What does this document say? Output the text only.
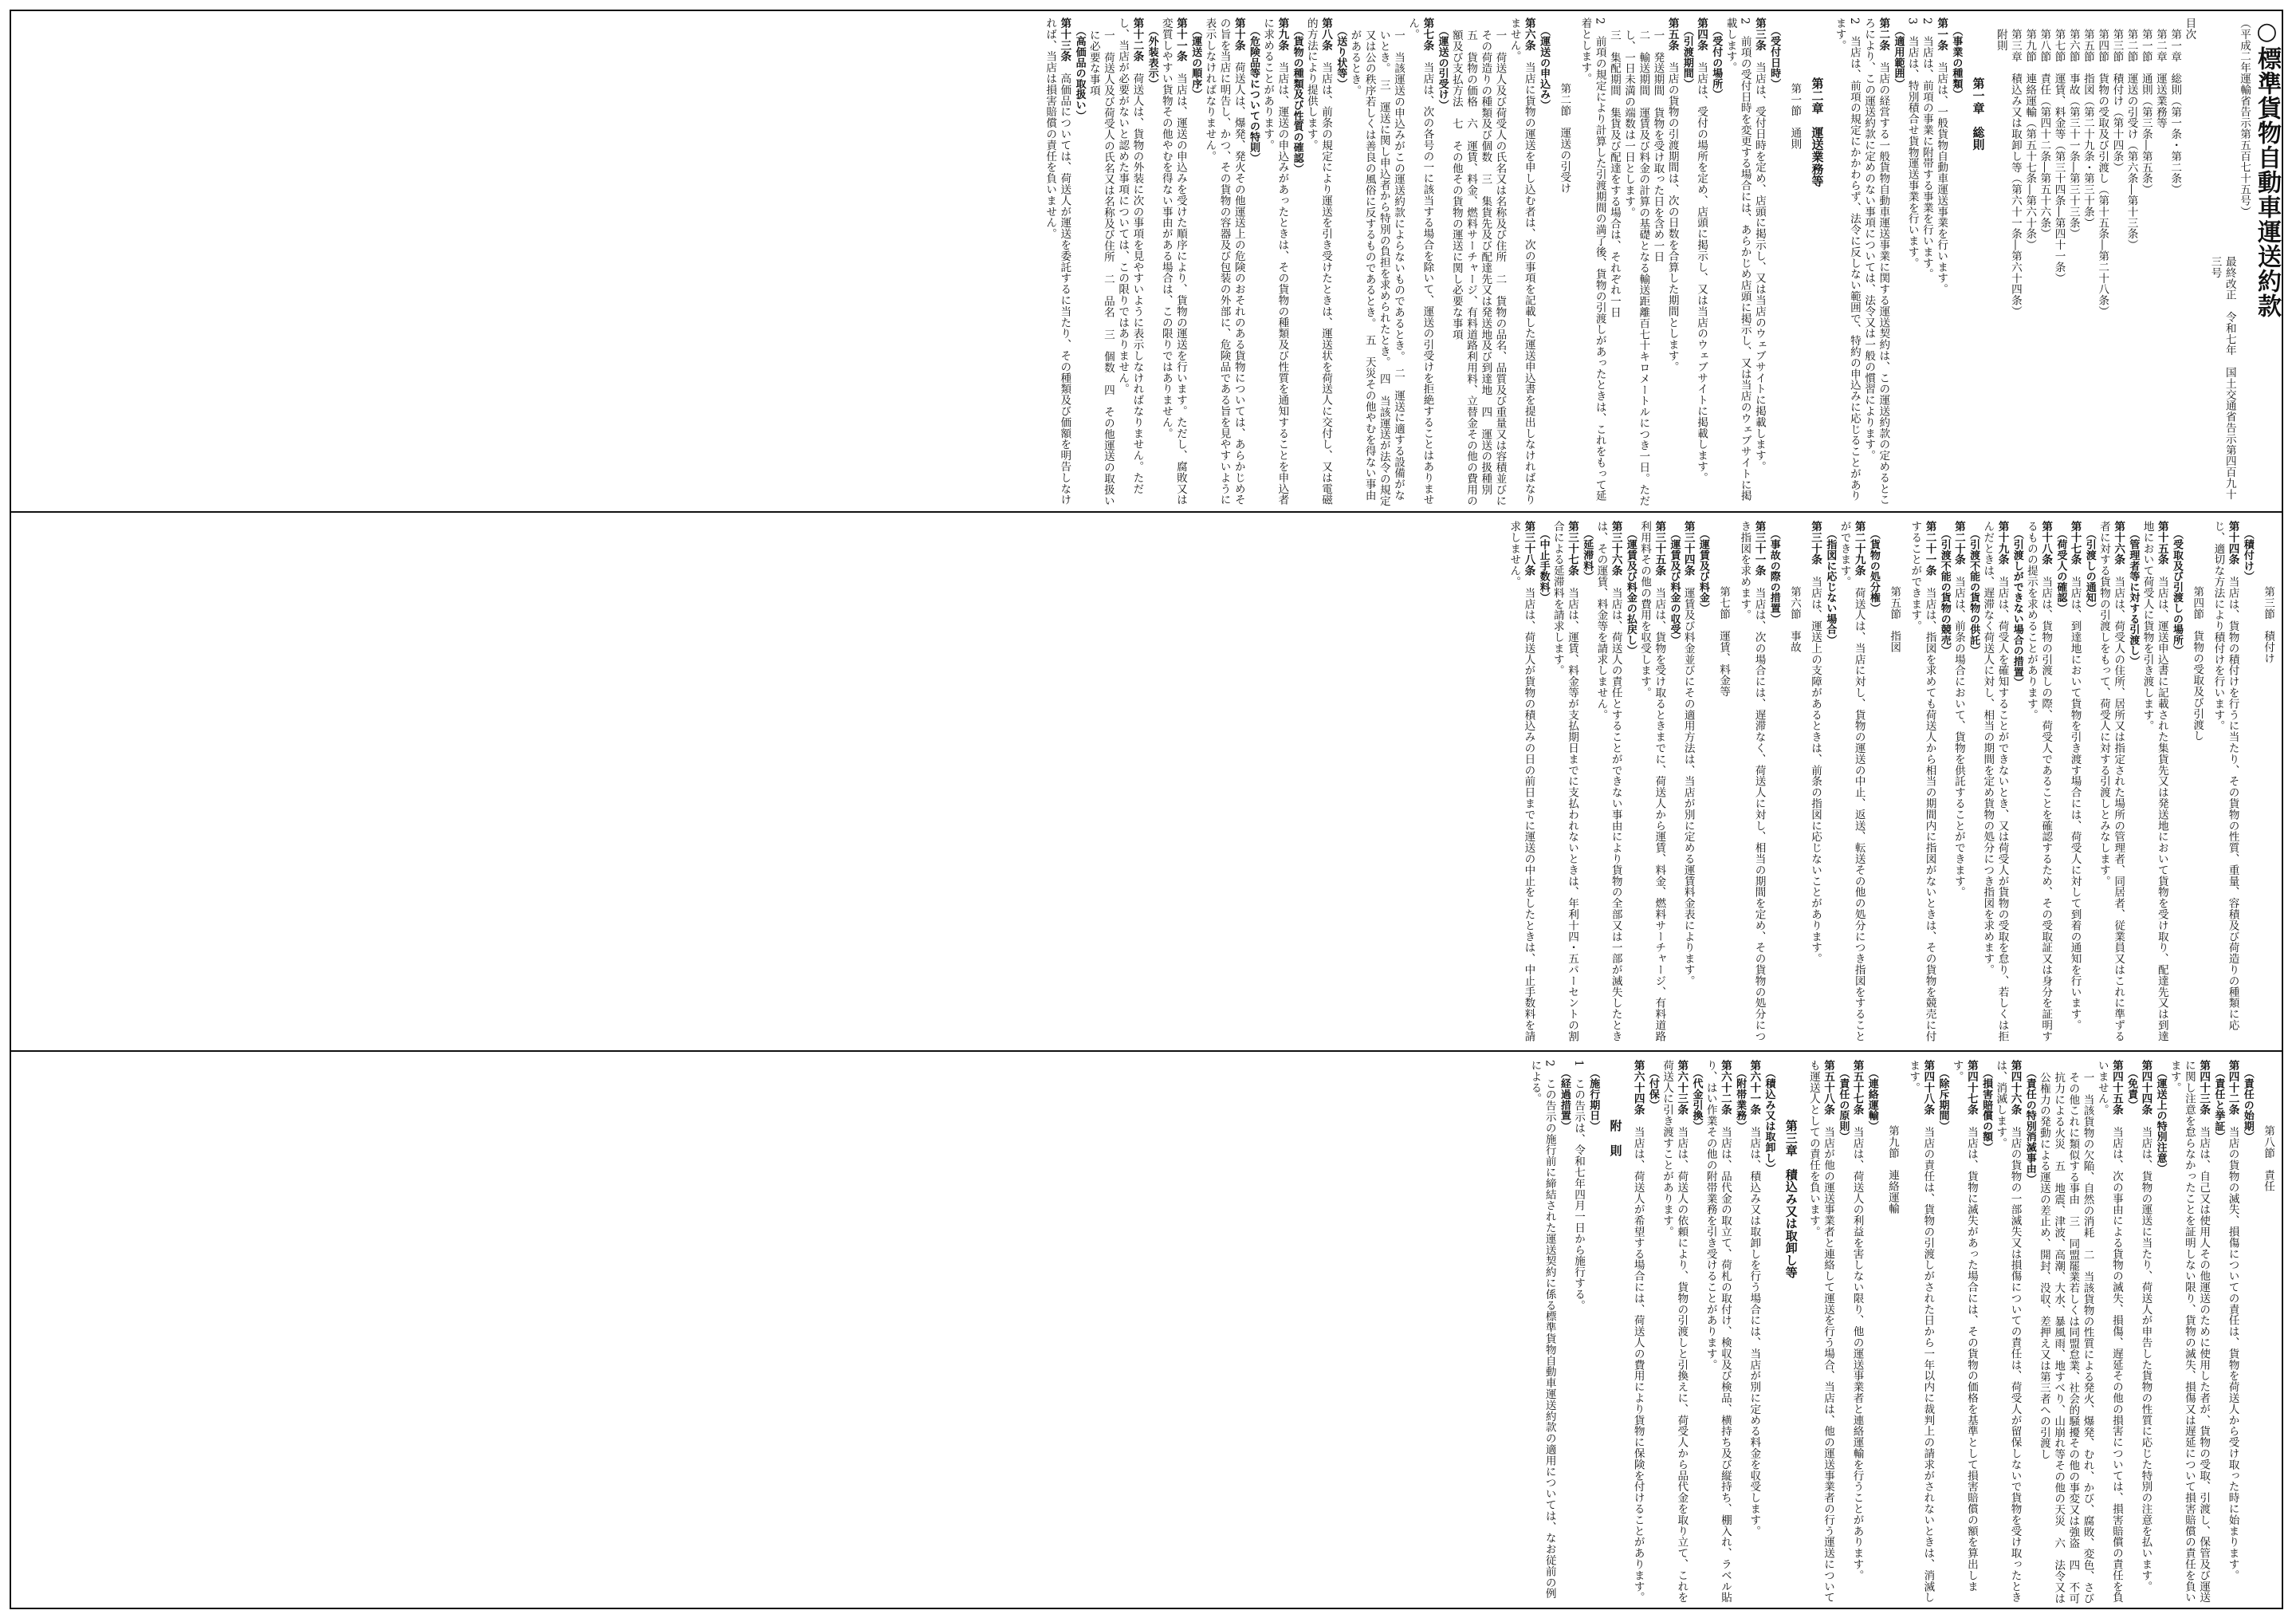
○標準貨物自動車運送約款
（平成二年運輸省告示第五百七十五号）
最終改正　令和七年　国土交通省告示第四百九十三号
目次
第一章　総則（第一条・第二条）
第二章　運送業務等
第一節　通則（第三条―第五条）
第二節　運送の引受け（第六条―第十三条）
第三節　積付け（第十四条）
第四節　貨物の受取及び引渡し（第十五条―第二十八条）
第五節　指図（第二十九条・第三十条）
第六節　事故（第三十一条―第三十三条）
第七節　運賃、料金等（第三十四条―第四十一条）
第八節　責任（第四十二条―第五十六条）
第九節　連絡運輸（第五十七条―第六十条）
第三章　積込み又は取卸し等（第六十一条―第六十四条）
附則
第一章　総則
（事業の種類）
第一条　当店は、一般貨物自動車運送事業を行います。
2　当店は、前項の事業に附帯する事業を行います。
3　当店は、特別積合せ貨物運送事業を行います。
（適用範囲）
第二条　当店の経営する一般貨物自動車運送事業に関する運送契約は、この運送約款の定めるところにより、この運送約款に定めのない事項については、法令又は一般の慣習によります。
2　当店は、前項の規定にかかわらず、法令に反しない範囲で、特約の申込みに応じることがあります。
第二章　運送業務等
第一節　通則
（受付日時）
第三条　当店は、受付日時を定め、店頭に掲示し、又は当店のウェブサイトに掲載します。
2　前項の受付日時を変更する場合には、あらかじめ店頭に掲示し、又は当店のウェブサイトに掲載します。
（受付の場所）
第四条　当店は、受付の場所を定め、店頭に掲示し、又は当店のウェブサイトに掲載します。
（引渡期間）
第五条　当店の貨物の引渡期間は、次の日数を合算した期間とします。
一　発送期間　貨物を受け取った日を含め一日
二　輸送期間　運賃及び料金の計算の基礎となる輸送距離百七十キロメートルにつき一日。ただし、一日未満の端数は一日とします。
三　集配期間　集貨及び配達をする場合は、それぞれ一日
2　前項の規定により計算した引渡期間の満了後、貨物の引渡しがあったときは、これをもって延着とします。
第二節　運送の引受け
（運送の申込み）
第六条　当店に貨物の運送を申し込む者は、次の事項を記載した運送申込書を提出しなければなりません。
一　荷送人及び荷受人の氏名又は名称及び住所　二　貨物の品名、品質及び重量又は容積並びにその荷造りの種類及び個数　三　集貨先及び配達先又は発送地及び到達地　四　運送の扱種別　五　貨物の価格　六　運賃、料金、燃料サーチャージ、有料道路利用料、立替金その他の費用の額及び支払方法　七　その他その貨物の運送に関し必要な事項
（運送の引受け）
第七条　当店は、次の各号の一に該当する場合を除いて、運送の引受けを拒絶することはありません。
一　当該運送の申込みがこの運送約款によらないものであるとき。　二　運送に適する設備がないとき。　三　運送に関し申込者から特別の負担を求められたとき。　四　当該運送が法令の規定又は公の秩序若しくは善良の風俗に反するものであるとき。　五　天災その他やむを得ない事由があるとき。
（送り状等）
第八条　当店は、前条の規定により運送を引き受けたときは、運送状を荷送人に交付し、又は電磁的方法により提供します。
（貨物の種類及び性質の確認）
第九条　当店は、運送の申込みがあったときは、その貨物の種類及び性質を通知することを申込者に求めることがあります。
（危険品等についての特則）
第十条　荷送人は、爆発、発火その他運送上の危険のおそれのある貨物については、あらかじめその旨を当店に明告し、かつ、その貨物の容器及び包装の外部に、危険品である旨を見やすいように表示しなければなりません。
（運送の順序）
第十一条　当店は、運送の申込みを受けた順序により、貨物の運送を行います。ただし、腐敗又は変質しやすい貨物その他やむを得ない事由がある場合は、この限りではありません。
（外装表示）
第十二条　荷送人は、貨物の外装に次の事項を見やすいように表示しなければなりません。ただし、当店が必要がないと認めた事項については、この限りではありません。
一　荷送人及び荷受人の氏名又は名称及び住所　二　品名　三　個数　四　その他運送の取扱いに必要な事項
（高価品の取扱い）
第十三条　高価品については、荷送人が運送を委託するに当たり、その種類及び価額を明告しなければ、当店は損害賠償の責任を負いません。
第三節　積付け
（積付け）
第十四条　当店は、貨物の積付けを行うに当たり、その貨物の性質、重量、容積及び荷造りの種類に応じ、適切な方法により積付けを行います。
第四節　貨物の受取及び引渡し
（受取及び引渡しの場所）
第十五条　当店は、運送申込書に記載された集貨先又は発送地において貨物を受け取り、配達先又は到達地において荷受人に貨物を引き渡します。
（管理者等に対する引渡し）
第十六条　当店は、荷受人の住所、居所又は指定された場所の管理者、同居者、従業員又はこれに準ずる者に対する貨物の引渡しをもって、荷受人に対する引渡しとみなします。
（引渡しの通知）
第十七条　当店は、到達地において貨物を引き渡す場合には、荷受人に対して到着の通知を行います。
（荷受人の確認）
第十八条　当店は、貨物の引渡しの際、荷受人であることを確認するため、その受取証又は身分を証明するものの提示を求めることがあります。
（引渡しができない場合の措置）
第十九条　当店は、荷受人を確知することができないとき、又は荷受人が貨物の受取を怠り、若しくは拒んだときは、遅滞なく荷送人に対し、相当の期間を定め貨物の処分につき指図を求めます。
（引渡不能の貨物の供託）
第二十条　当店は、前条の場合において、貨物を供託することができます。
（引渡不能の貨物の競売）
第二十一条　当店は、指図を求めても荷送人から相当の期間内に指図がないときは、その貨物を競売に付することができます。
第五節　指図
（貨物の処分権）
第二十九条　荷送人は、当店に対し、貨物の運送の中止、返送、転送その他の処分につき指図をすることができます。
（指図に応じない場合）
第三十条　当店は、運送上の支障があるときは、前条の指図に応じないことがあります。
第六節　事故
（事故の際の措置）
第三十一条　当店は、次の場合には、遅滞なく、荷送人に対し、相当の期間を定め、その貨物の処分につき指図を求めます。
第七節　運賃、料金等
（運賃及び料金）
第三十四条　運賃及び料金並びにその適用方法は、当店が別に定める運賃料金表によります。
（運賃及び料金の収受）
第三十五条　当店は、貨物を受け取るときまでに、荷送人から運賃、料金、燃料サーチャージ、有料道路利用料その他の費用を収受します。
（運賃及び料金の払戻し）
第三十六条　当店は、荷送人の責任とすることができない事由により貨物の全部又は一部が滅失したときは、その運賃、料金等を請求しません。
（延滞料）
第三十七条　当店は、運賃、料金等が支払期日までに支払われないときは、年利十四・五パーセントの割合による延滞料を請求します。
（中止手数料）
第三十八条　当店は、荷送人が貨物の積込みの日の前日までに運送の中止をしたときは、中止手数料を請求しません。
第八節　責任
（責任の始期）
第四十二条　当店の貨物の滅失、損傷についての責任は、貨物を荷送人から受け取った時に始まります。
（責任と挙証）
第四十三条　当店は、自己又は使用人その他運送のために使用した者が、貨物の受取、引渡し、保管及び運送に関し注意を怠らなかったことを証明しない限り、貨物の滅失、損傷又は遅延について損害賠償の責任を負います。
（運送上の特別注意）
第四十四条　当店は、貨物の運送に当たり、荷送人が申告した貨物の性質に応じた特別の注意を払います。
（免責）
第四十五条　当店は、次の事由による貨物の滅失、損傷、遅延その他の損害については、損害賠償の責任を負いません。
一　当該貨物の欠陥、自然の消耗　二　当該貨物の性質による発火、爆発、むれ、かび、腐敗、変色、さびその他これに類似する事由　三　同盟罷業若しくは同盟怠業、社会的騒擾その他の事変又は強盗　四　不可抗力による火災　五　地震、津波、高潮、大水、暴風雨、地すべり、山崩れ等その他の天災　六　法令又は公権力の発動による運送の差止め、開封、没収、差押え又は第三者への引渡し
（責任の特別消滅事由）
第四十六条　当店の貨物の一部滅失又は損傷についての責任は、荷受人が留保しないで貨物を受け取ったときは、消滅します。
（損害賠償の額）
第四十七条　当店は、貨物に滅失があった場合には、その貨物の価格を基準として損害賠償の額を算出します。
（除斥期間）
第四十八条　当店の責任は、貨物の引渡しがされた日から一年以内に裁判上の請求がされないときは、消滅します。
第九節　連絡運輸
（連絡運輸）
第五十七条　当店は、荷送人の利益を害しない限り、他の運送事業者と連絡運輸を行うことがあります。
（責任の原則）
第五十八条　当店が他の運送事業者と連絡して運送を行う場合、当店は、他の運送事業者の行う運送についても運送人としての責任を負います。
第三章　積込み又は取卸し等
（積込み又は取卸し）
第六十一条　当店は、積込み又は取卸しを行う場合には、当店が別に定める料金を収受します。
（附帯業務）
第六十二条　当店は、品代金の取立て、荷札の取付け、検収及び検品、横持ち及び縦持ち、棚入れ、ラベル貼り、はい作業その他の附帯業務を引き受けることがあります。
（代金引換）
第六十三条　当店は、荷送人の依頼により、貨物の引渡しと引換えに、荷受人から品代金を取り立て、これを荷送人に引き渡すことがあります。
（付保）
第六十四条　当店は、荷送人が希望する場合には、荷送人の費用により貨物に保険を付けることがあります。
附　則
（施行期日）
1　この告示は、令和七年四月一日から施行する。
（経過措置）
2　この告示の施行前に締結された運送契約に係る標準貨物自動車運送約款の適用については、なお従前の例による。
